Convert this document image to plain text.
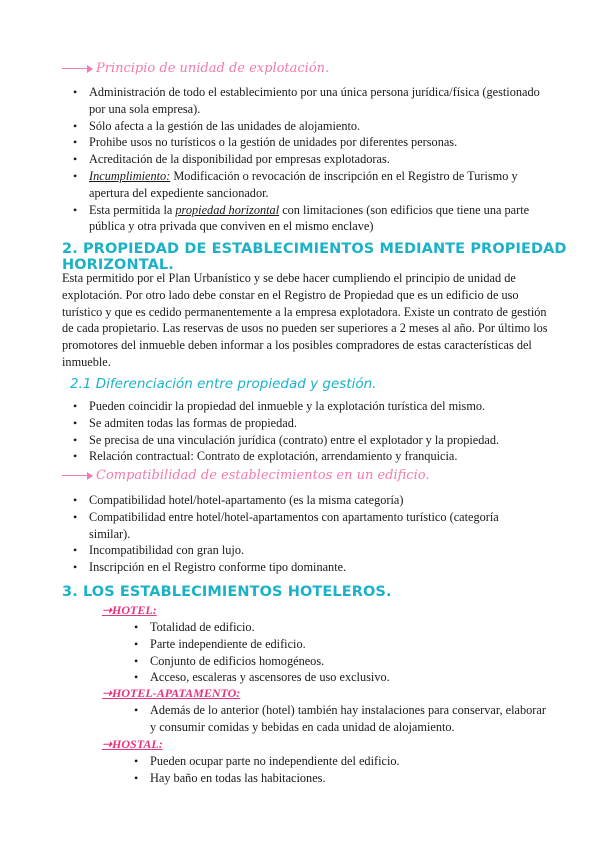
Principio de unidad de explotación.
• Administración de todo el establecimiento por una única persona jurídica/física (gestionado por una sola empresa).
• Sólo afecta a la gestión de las unidades de alojamiento.
• Prohibe usos no turísticos o la gestión de unidades por diferentes personas.
• Acreditación de la disponibilidad por empresas explotadoras.
• Incumplimiento: Modificación o revocación de inscripción en el Registro de Turismo y apertura del expediente sancionador.
• Esta permitida la propiedad horizontal con limitaciones (son edificios que tiene una parte pública y otra privada que conviven en el mismo enclave)
2. PROPIEDAD DE ESTABLECIMIENTOS MEDIANTE PROPIEDAD HORIZONTAL.

Esta permitido por el Plan Urbanístico y se debe hacer cumpliendo el principio de unidad de explotación. Por otro lado debe constar en el Registro de Propiedad que es un edificio de uso turístico y que es cedido permanentemente a la empresa explotadora. Existe un contrato de gestión de cada propietario. Las reservas de usos no pueden ser superiores a 2 meses al año. Por último los promotores del inmueble deben informar a los posibles compradores de estas características del inmueble.

2.1 Diferenciación entre propiedad y gestión.
• Pueden coincidir la propiedad del inmueble y la explotación turística del mismo.
• Se admiten todas las formas de propiedad.
• Se precisa de una vinculación jurídica (contrato) entre el explotador y la propiedad.
• Relación contractual: Contrato de explotación, arrendamiento y franquicia.
Compatibilidad de establecimientos en un edificio.
• Compatibilidad hotel/hotel-apartamento (es la misma categoría)
• Compatibilidad entre hotel/hotel-apartamentos con apartamento turístico (categoría similar).
• Incompatibilidad con gran lujo.
• Inscripción en el Registro conforme tipo dominante.
3. LOS ESTABLECIMIENTOS HOTELEROS.
➝HOTEL:
• Totalidad de edificio.
• Parte independiente de edificio.
• Conjunto de edificios homogéneos.
• Acceso, escaleras y ascensores de uso exclusivo.
➝HOTEL-APATAMENTO:
• Además de lo anterior (hotel) también hay instalaciones para conservar, elaborar y consumir comidas y bebidas en cada unidad de alojamiento.
➝HOSTAL:
• Pueden ocupar parte no independiente del edificio.
• Hay baño en todas las habitaciones.
